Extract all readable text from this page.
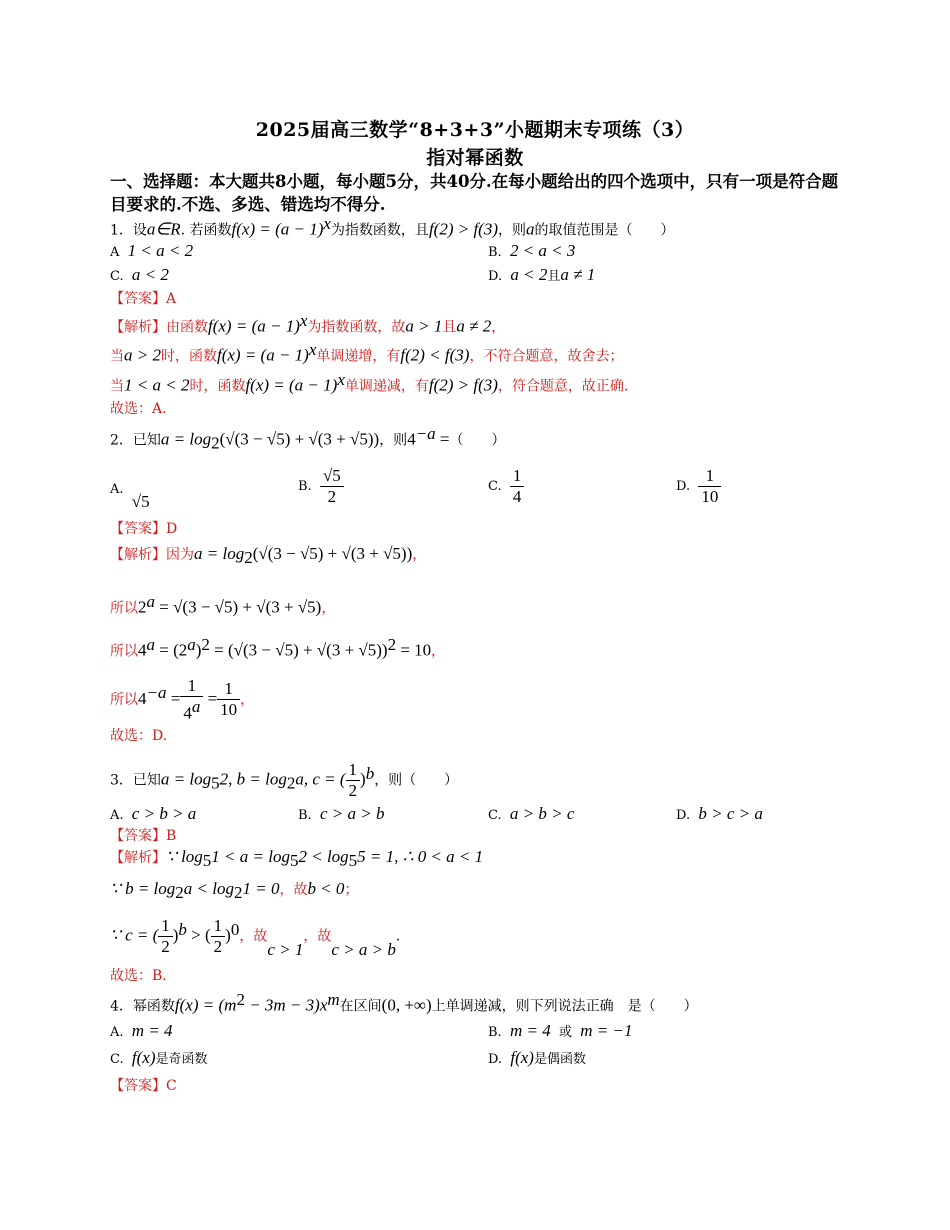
2025届高三数学“8+3+3”小题期末专项练（3）
指对幂函数
一、选择题：本大题共8小题，每小题5分，共40分.在每小题给出的四个选项中，只有一项是符合题目要求的.不选、多选、错选均不得分.
1．设a∈R. 若函数$f(x) = (a - 1)^x$为指数函数，且f(2) > f(3)，则a的取值范围是（　　）
A 1 < a < 2	B. 2 < a < 3
C. a < 2	D. a < 2且a ≠ 1
【答案】A
【解析】由函数$f(x) = (a - 1)^x$为指数函数，故a > 1且a ≠ 2，
当a > 2时，函数$f(x) = (a - 1)^x$单调递增，有f(2) < f(3)，不符合题意，故舍去；
当1 < a < 2时，函数$f(x) = (a - 1)^x$单调递减，有f(2) > f(3)，符合题意，故正确.
故选：A.
2．已知$a = \log_2(√(3 - √5) + √(3 + √5))$，则$4^{-a}$ =（　　）
A.  √5
B. $\frac{√5}{2}$	C. $\frac{1}{4}$	D. $\frac{1}{10}$
【答案】D
【解析】因为$a = \log_2(√(3 - √5) + √(3 + √5))$，
所以$2^a = √(3 - √5) + √(3 + √5)$，
所以$4^a = (2^a)^2 = (√(3 - √5) + √(3 + √5))^2 = 10$，
所以$4^{-a} = \frac{1}{4^a} = \frac{1}{10}$ ，
故选：D.
3．已知$a = \log_52$, $b = \log_2a$, c = ( $\frac{1}{2} )^b$，则（　　）
A. c > b > a	B. c > a > b	C. a > b > c	D. b > c > a
【答案】B
【解析】∵ $\log_51 < a = \log_52 < \log_55 = 1$, ∴ 0 < a < 1
∵ $b = \log_2a < \log_21 = 0$，故b < 0；
∵ c = ( $\frac{1}{2} )^b$ > ( $\frac{1}{2} )^0$，故c > 1，故c > a > b.
故选：B.
4．幂函数$f(x) = (m^2 - 3m - 3)x^m$在区间(0, +∞)上单调递减，则下列说法正确　是（　　）
A. m = 4	B. m = 4 或 m = −1
C. f(x)是奇函数	D. f(x)是偶函数
【答案】C
